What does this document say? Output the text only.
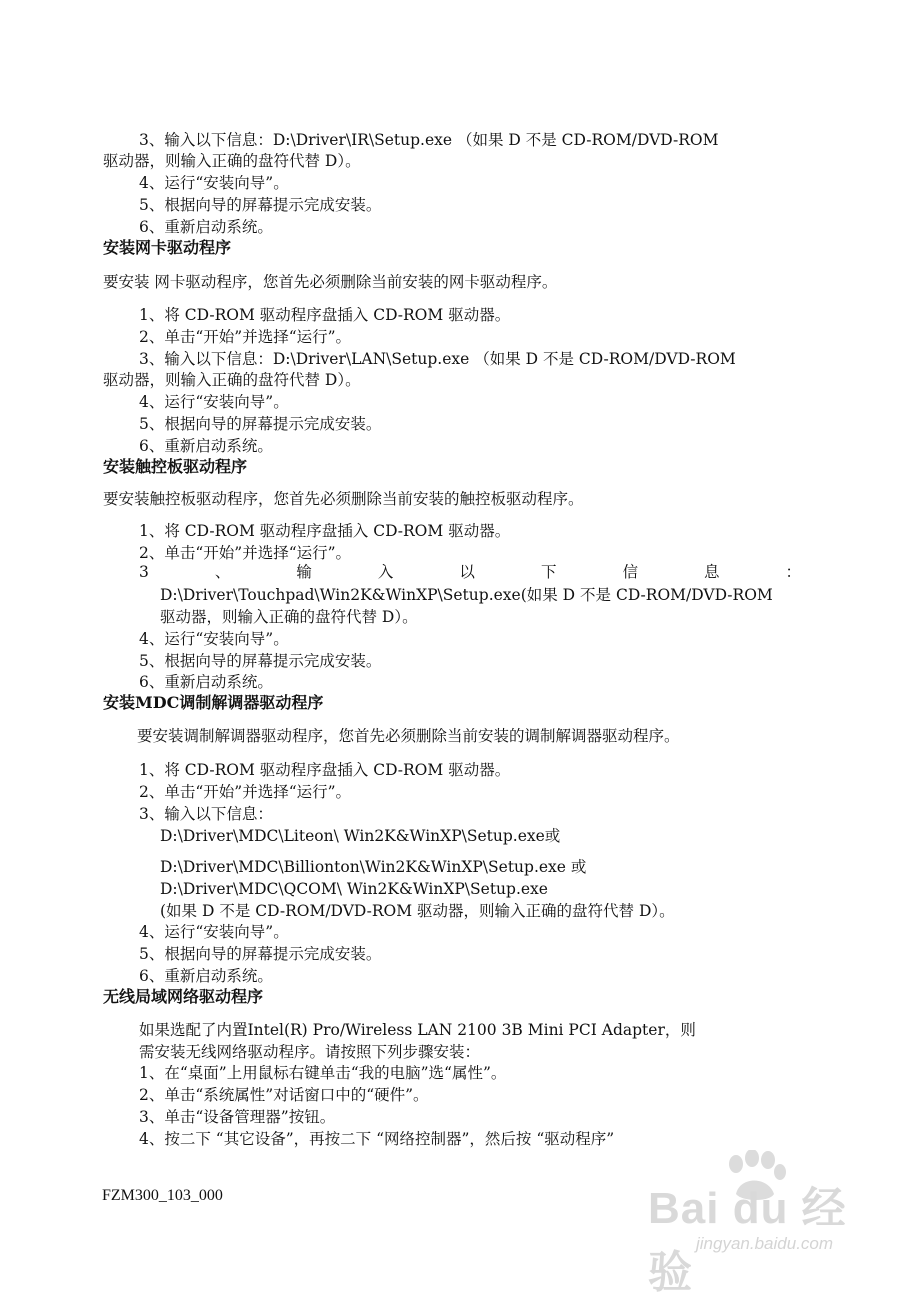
3、输入以下信息：D:\Driver\IR\Setup.exe （如果 D 不是 CD-ROM/DVD-ROM
驱动器，则输入正确的盘符代替 D）。
4、运行“安装向导”。
5、根据向导的屏幕提示完成安装。
6、重新启动系统。
安装网卡驱动程序
要安装 网卡驱动程序，您首先必须删除当前安装的网卡驱动程序。
1、将 CD-ROM 驱动程序盘插入 CD-ROM 驱动器。
2、单击“开始”并选择“运行”。
3、输入以下信息：D:\Driver\LAN\Setup.exe （如果 D 不是 CD-ROM/DVD-ROM
驱动器，则输入正确的盘符代替 D）。
4、运行“安装向导”。
5、根据向导的屏幕提示完成安装。
6、重新启动系统。
安装触控板驱动程序
要安装触控板驱动程序，您首先必须删除当前安装的触控板驱动程序。
1、将 CD-ROM 驱动程序盘插入 CD-ROM 驱动器。
2、单击“开始”并选择“运行”。
3	、	输	入	以	下	信	息	：
D:\Driver\Touchpad\Win2K&WinXP\Setup.exe(如果 D 不是 CD-ROM/DVD-ROM
驱动器，则输入正确的盘符代替 D）。
4、运行“安装向导”。
5、根据向导的屏幕提示完成安装。
6、重新启动系统。
安装MDC调制解调器驱动程序
要安装调制解调器驱动程序，您首先必须删除当前安装的调制解调器驱动程序。
1、将 CD-ROM 驱动程序盘插入 CD-ROM 驱动器。
2、单击“开始”并选择“运行”。
3、输入以下信息：
D:\Driver\MDC\Liteon\ Win2K&WinXP\Setup.exe或
D:\Driver\MDC\Billionton\Win2K&WinXP\Setup.exe 或
D:\Driver\MDC\QCOM\ Win2K&WinXP\Setup.exe
(如果 D 不是 CD-ROM/DVD-ROM 驱动器，则输入正确的盘符代替 D）。
4、运行“安装向导”。
5、根据向导的屏幕提示完成安装。
6、重新启动系统。
无线局域网络驱动程序
如果选配了内置Intel(R) Pro/Wireless LAN 2100 3B Mini PCI Adapter，则
需安装无线网络驱动程序。请按照下列步骤安装：
1、在“桌面”上用鼠标右键单击“我的电脑”选“属性”。
2、单击“系统属性”对话窗口中的“硬件”。
3、单击“设备管理器”按钮。
4、按二下 “其它设备”，再按二下 “网络控制器”，然后按 “驱动程序”
FZM300_103_000	Bai du 经验
jingyan.baidu.com
